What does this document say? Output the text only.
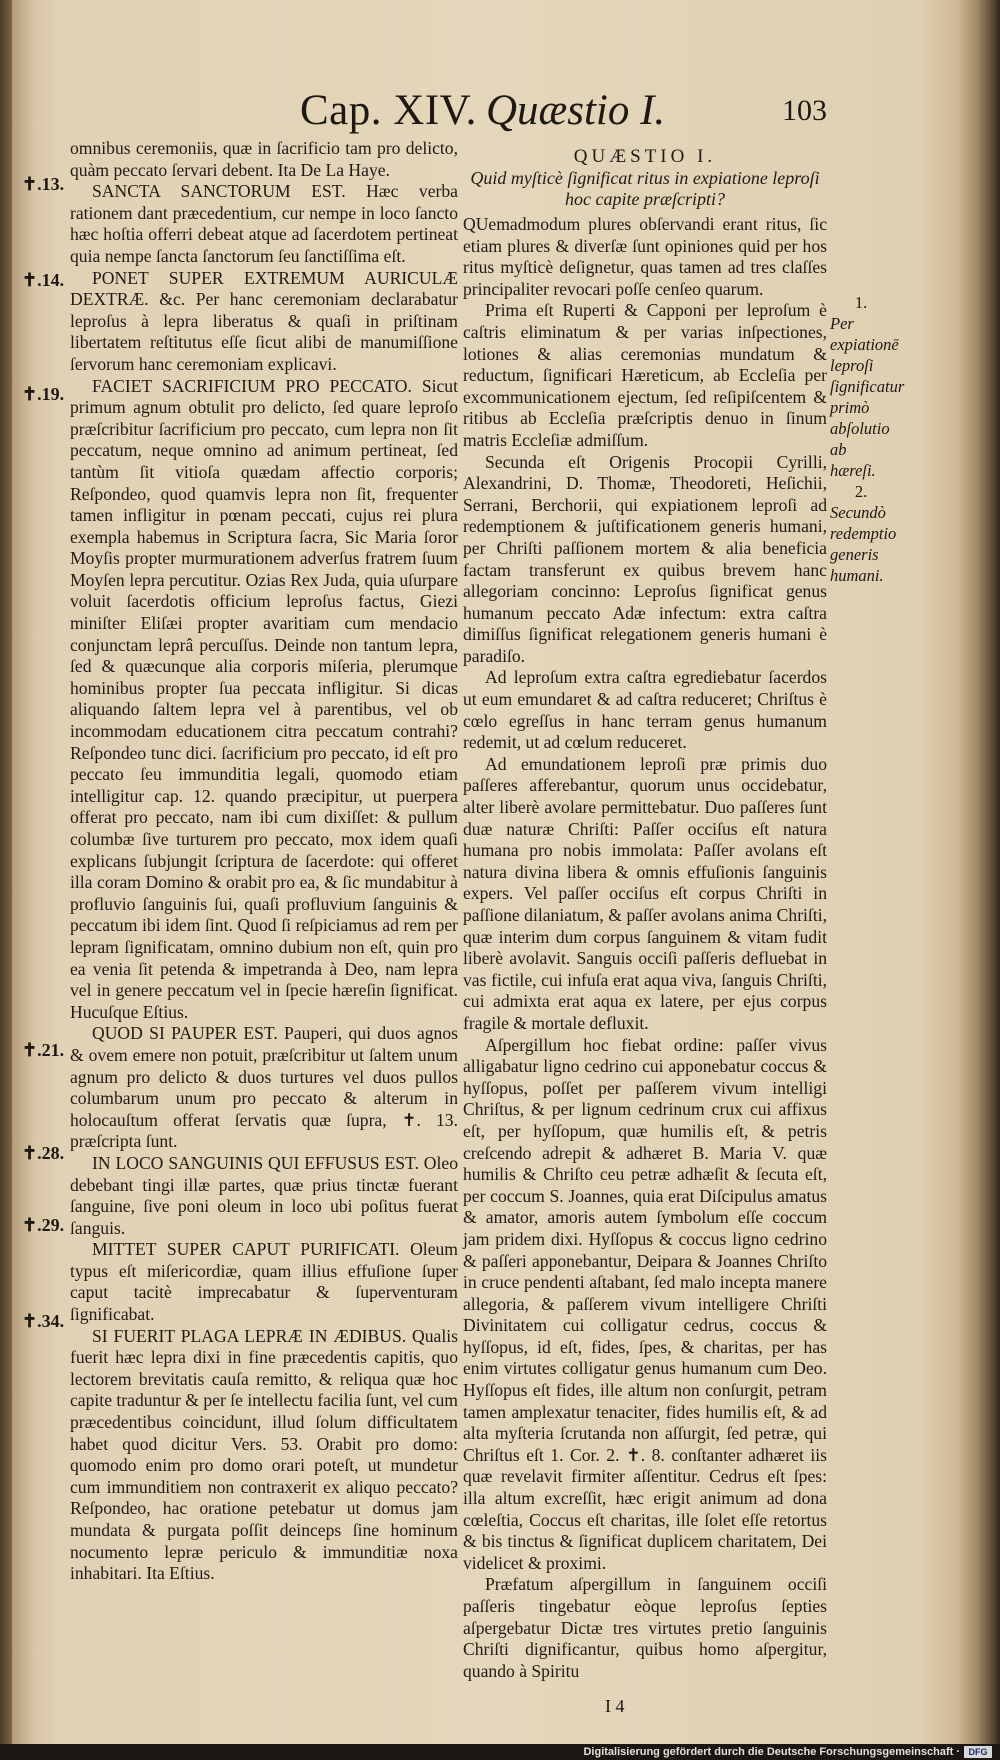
Cap. XIV. Quæstio I.	103
✝.13.
✝.14.
✝.19.
✝.21.
✝.28.
✝.29.
✝.34.

omnibus ceremoniis, quæ in ſacrificio tam pro delicto, quàm peccato ſervari debent. Ita De La Haye.

SANCTA SANCTORUM EST. Hæc verba rationem dant præcedentium, cur nempe in loco ſancto hæc hoſtia offerri debeat atque ad ſacerdotem pertineat quia nempe ſancta ſanctorum ſeu ſanctiſſima eſt.

PONET SUPER EXTREMUM AURICULÆ DEXTRÆ. &c. Per hanc ceremoniam declarabatur leproſus à lepra liberatus & quaſi in priſtinam libertatem reſtitutus eſſe ſicut alibi de manumiſſione ſervorum hanc ceremoniam explicavi.

FACIET SACRIFICIUM PRO PECCATO. Sicut primum agnum obtulit pro delicto, ſed quare leproſo præſcribitur ſacrificium pro peccato, cum lepra non ſit peccatum, neque omnino ad animum pertineat, ſed tantùm ſit vitioſa quædam affectio corporis; Reſpondeo, quod quamvis lepra non ſit, frequenter tamen infligitur in pœnam peccati, cujus rei plura exempla habemus in Scriptura ſacra, Sic Maria ſoror Moyſis propter murmurationem adverſus fratrem ſuum Moyſen lepra percutitur. Ozias Rex Juda, quia uſurpare voluit ſacerdotis officium leproſus factus, Giezi miniſter Eliſæi propter avaritiam cum mendacio conjunctam leprâ percuſſus. Deinde non tantum lepra, ſed & quæcunque alia corporis miſeria, plerumque hominibus propter ſua peccata infligitur. Si dicas aliquando ſaltem lepra vel à parentibus, vel ob incommodam educationem citra peccatum contrahi? Reſpondeo tunc dici. ſacrificium pro peccato, id eſt pro peccato ſeu immunditia legali, quomodo etiam intelligitur cap. 12. quando præcipitur, ut puerpera offerat pro peccato, nam ibi cum dixiſſet: & pullum columbæ ſive turturem pro peccato, mox idem quaſi explicans ſubjungit ſcriptura de ſacerdote: qui offeret illa coram Domino & orabit pro ea, & ſic mundabitur à profluvio ſanguinis ſui, quaſi profluvium ſanguinis & peccatum ibi idem ſint. Quod ſi reſpiciamus ad rem per lepram ſignificatam, omnino dubium non eſt, quin pro ea venia ſit petenda & impetranda à Deo, nam lepra vel in genere peccatum vel in ſpecie hæreſin ſignificat. Hucuſque Eſtius.

QUOD SI PAUPER EST. Pauperi, qui duos agnos & ovem emere non potuit, præſcribitur ut ſaltem unum agnum pro delicto & duos turtures vel duos pullos columbarum unum pro peccato & alterum in holocauſtum offerat ſervatis quæ ſupra, ✝. 13. præſcripta ſunt.

IN LOCO SANGUINIS QUI EFFUSUS EST. Oleo debebant tingi illæ partes, quæ prius tinctæ fuerant ſanguine, ſive poni oleum in loco ubi poſitus fuerat ſanguis.

MITTET SUPER CAPUT PURIFICATI. Oleum typus eſt miſericordiæ, quam illius effuſione ſuper caput tacitè imprecabatur & ſuperventuram ſignificabat.

SI FUERIT PLAGA LEPRÆ IN ÆDIBUS. Qualis fuerit hæc lepra dixi in fine præcedentis capitis, quo lectorem brevitatis cauſa remitto, & reliqua quæ hoc capite traduntur & per ſe intellectu facilia ſunt, vel cum præcedentibus coincidunt, illud ſolum difficultatem habet quod dicitur Vers. 53. Orabit pro domo: quomodo enim pro domo orari poteſt, ut mundetur cum immunditiem non contraxerit ex aliquo peccato? Reſpondeo, hac oratione petebatur ut domus jam mundata & purgata poſſit deinceps ſine hominum nocumento lepræ periculo & immunditiæ noxa inhabitari. Ita Eſtius.

QUÆSTIO I.
Quid myſticè ſignificat ritus in expiatione leproſi hoc capite præſcripti?

QUemadmodum plures obſervandi erant ritus, ſic etiam plures & diverſæ ſunt opiniones quid per hos ritus myſticè deſignetur, quas tamen ad tres claſſes principaliter revocari poſſe cenſeo quarum.

Prima eſt Ruperti & Capponi per leproſum è caſtris eliminatum & per varias inſpectiones, lotiones & alias ceremonias mundatum & reductum, ſignificari Hæreticum, ab Eccleſia per excommunicationem ejectum, ſed reſipiſcentem & ritibus ab Eccleſia præſcriptis denuo in ſinum matris Eccleſiæ admiſſum.

Secunda eſt Origenis Procopii Cyrilli, Alexandrini, D. Thomæ, Theodoreti, Heſichii, Serrani, Berchorii, qui expiationem leproſi ad redemptionem & juſtificationem generis humani, per Chriſti paſſionem mortem & alia beneficia factam transferunt ex quibus brevem hanc allegoriam concinno: Leproſus ſignificat genus humanum peccato Adæ infectum: extra caſtra dimiſſus ſignificat relegationem generis humani è paradiſo.

Ad leproſum extra caſtra egrediebatur ſacerdos ut eum emundaret & ad caſtra reduceret; Chriſtus è cœlo egreſſus in hanc terram genus humanum redemit, ut ad cœlum reduceret.

Ad emundationem leproſi præ primis duo paſſeres afferebantur, quorum unus occidebatur, alter liberè avolare permittebatur. Duo paſſeres ſunt duæ naturæ Chriſti: Paſſer occiſus eſt natura humana pro nobis immolata: Paſſer avolans eſt natura divina libera & omnis effuſionis ſanguinis expers. Vel paſſer occiſus eſt corpus Chriſti in paſſione dilaniatum, & paſſer avolans anima Chriſti, quæ interim dum corpus ſanguinem & vitam fudit liberè avolavit. Sanguis occiſi paſſeris defluebat in vas fictile, cui infuſa erat aqua viva, ſanguis Chriſti, cui admixta erat aqua ex latere, per ejus corpus fragile & mortale defluxit.

Aſpergillum hoc fiebat ordine: paſſer vivus alligabatur ligno cedrino cui apponebatur coccus & hyſſopus, poſſet per paſſerem vivum intelligi Chriſtus, & per lignum cedrinum crux cui affixus eſt, per hyſſopum, quæ humilis eſt, & petris creſcendo adrepit & adhæret B. Maria V. quæ humilis & Chriſto ceu petræ adhæſit & ſecuta eſt, per coccum S. Joannes, quia erat Diſcipulus amatus & amator, amoris autem ſymbolum eſſe coccum jam pridem dixi. Hyſſopus & coccus ligno cedrino & paſſeri apponebantur, Deipara & Joannes Chriſto in cruce pendenti aſtabant, ſed malo incepta manere allegoria, & paſſerem vivum intelligere Chriſti Divinitatem cui colligatur cedrus, coccus & hyſſopus, id eſt, fides, ſpes, & charitas, per has enim virtutes colligatur genus humanum cum Deo. Hyſſopus eſt fides, ille altum non conſurgit, petram tamen amplexatur tenaciter, fides humilis eſt, & ad alta myſteria ſcrutanda non aſſurgit, ſed petræ, qui Chriſtus eſt 1. Cor. 2. ✝. 8. conſtanter adhæret iis quæ revelavit firmiter aſſentitur. Cedrus eſt ſpes: illa altum excreſſit, hæc erigit animum ad dona cœleſtia, Coccus eſt charitas, ille ſolet eſſe retortus & bis tinctus & ſignificat duplicem charitatem, Dei videlicet & proximi.

Præfatum aſpergillum in ſanguinem occiſi paſſeris tingebatur eòque leproſus ſepties aſpergebatur Dictæ tres virtutes pretio ſanguinis Chriſti dignificantur, quibus homo aſpergitur, quando à Spiritu

1.
Per expiationē leproſi ſignificatur primò abſolutio ab hæreſi.
2.
Secundò redemptio generis humani.
I 4
Digitalisierung gefördert durch die Deutsche Forschungsgemeinschaft · DFG
